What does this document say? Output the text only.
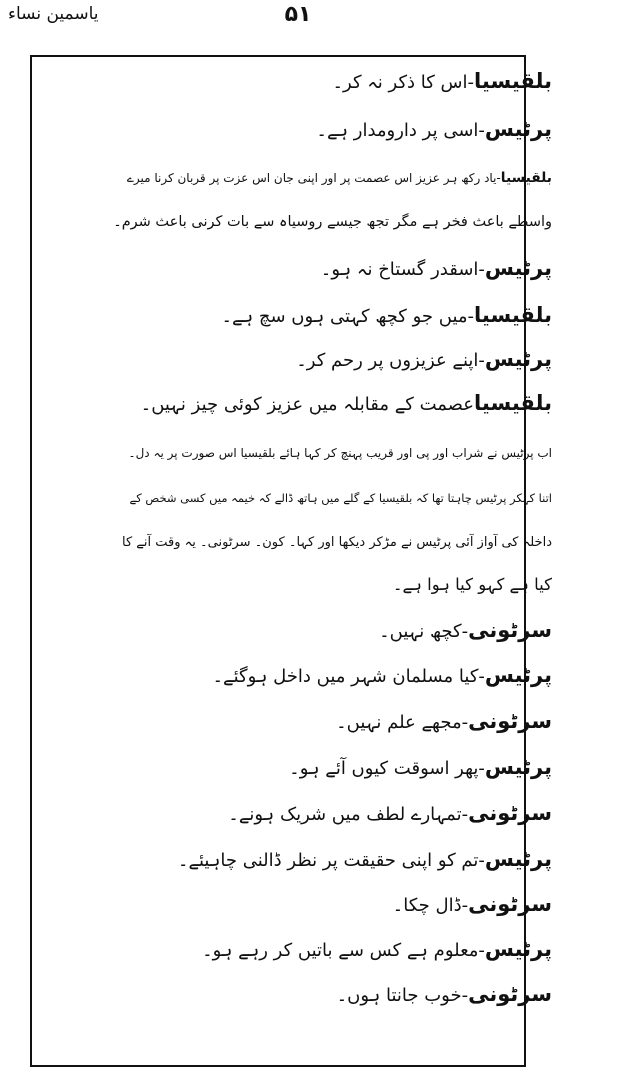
یاسمین نساء	۵۱
بلقیسیا-اس کا ذکر نہ کر۔
پرٹیس-اسی پر دارومدار ہے۔
بلقیسیا-یاد رکھ ہر عزیز اس عصمت پر اور اپنی جان اس عزت پر قربان کرنا میرے
واسطے باعث فخر ہے مگر تجھ جیسے روسیاہ سے بات کرنی باعث شرم۔
پرٹیس-اسقدر گستاخ نہ ہو۔
بلقیسیا-میں جو کچھ کہتی ہوں سچ ہے۔
پرٹیس-اپنے عزیزوں پر رحم کر۔
بلقیسیاعصمت کے مقابلہ میں عزیز کوئی چیز نہیں۔
اب پرٹیس نے شراب اور پی اور قریب پہنچ کر کہا ہائے بلقیسیا اس صورت پر یہ دل۔
اتنا کہکر پرٹیس چاہتا تھا کہ بلقیسیا کے گلے میں ہاتھ ڈالے کہ خیمہ میں کسی شخص کے
داخلہ کی آواز آئی پرٹیس نے مڑکر دیکھا اور کہا۔ کون۔ سرٹونی۔ یہ وقت آنے کا
کیا ہے کہو کیا ہوا ہے۔
سرٹونی-کچھ نہیں۔
پرٹیس-کیا مسلمان شہر میں داخل ہوگئے۔
سرٹونی-مجھے علم نہیں۔
پرٹیس-پھر اسوقت کیوں آئے ہو۔
سرٹونی-تمہارے لطف میں شریک ہونے۔
پرٹیس-تم کو اپنی حقیقت پر نظر ڈالنی چاہیئے۔
سرٹونی-ڈال چکا۔
پرٹیس-معلوم ہے کس سے باتیں کر رہے ہو۔
سرٹونی-خوب جانتا ہوں۔
